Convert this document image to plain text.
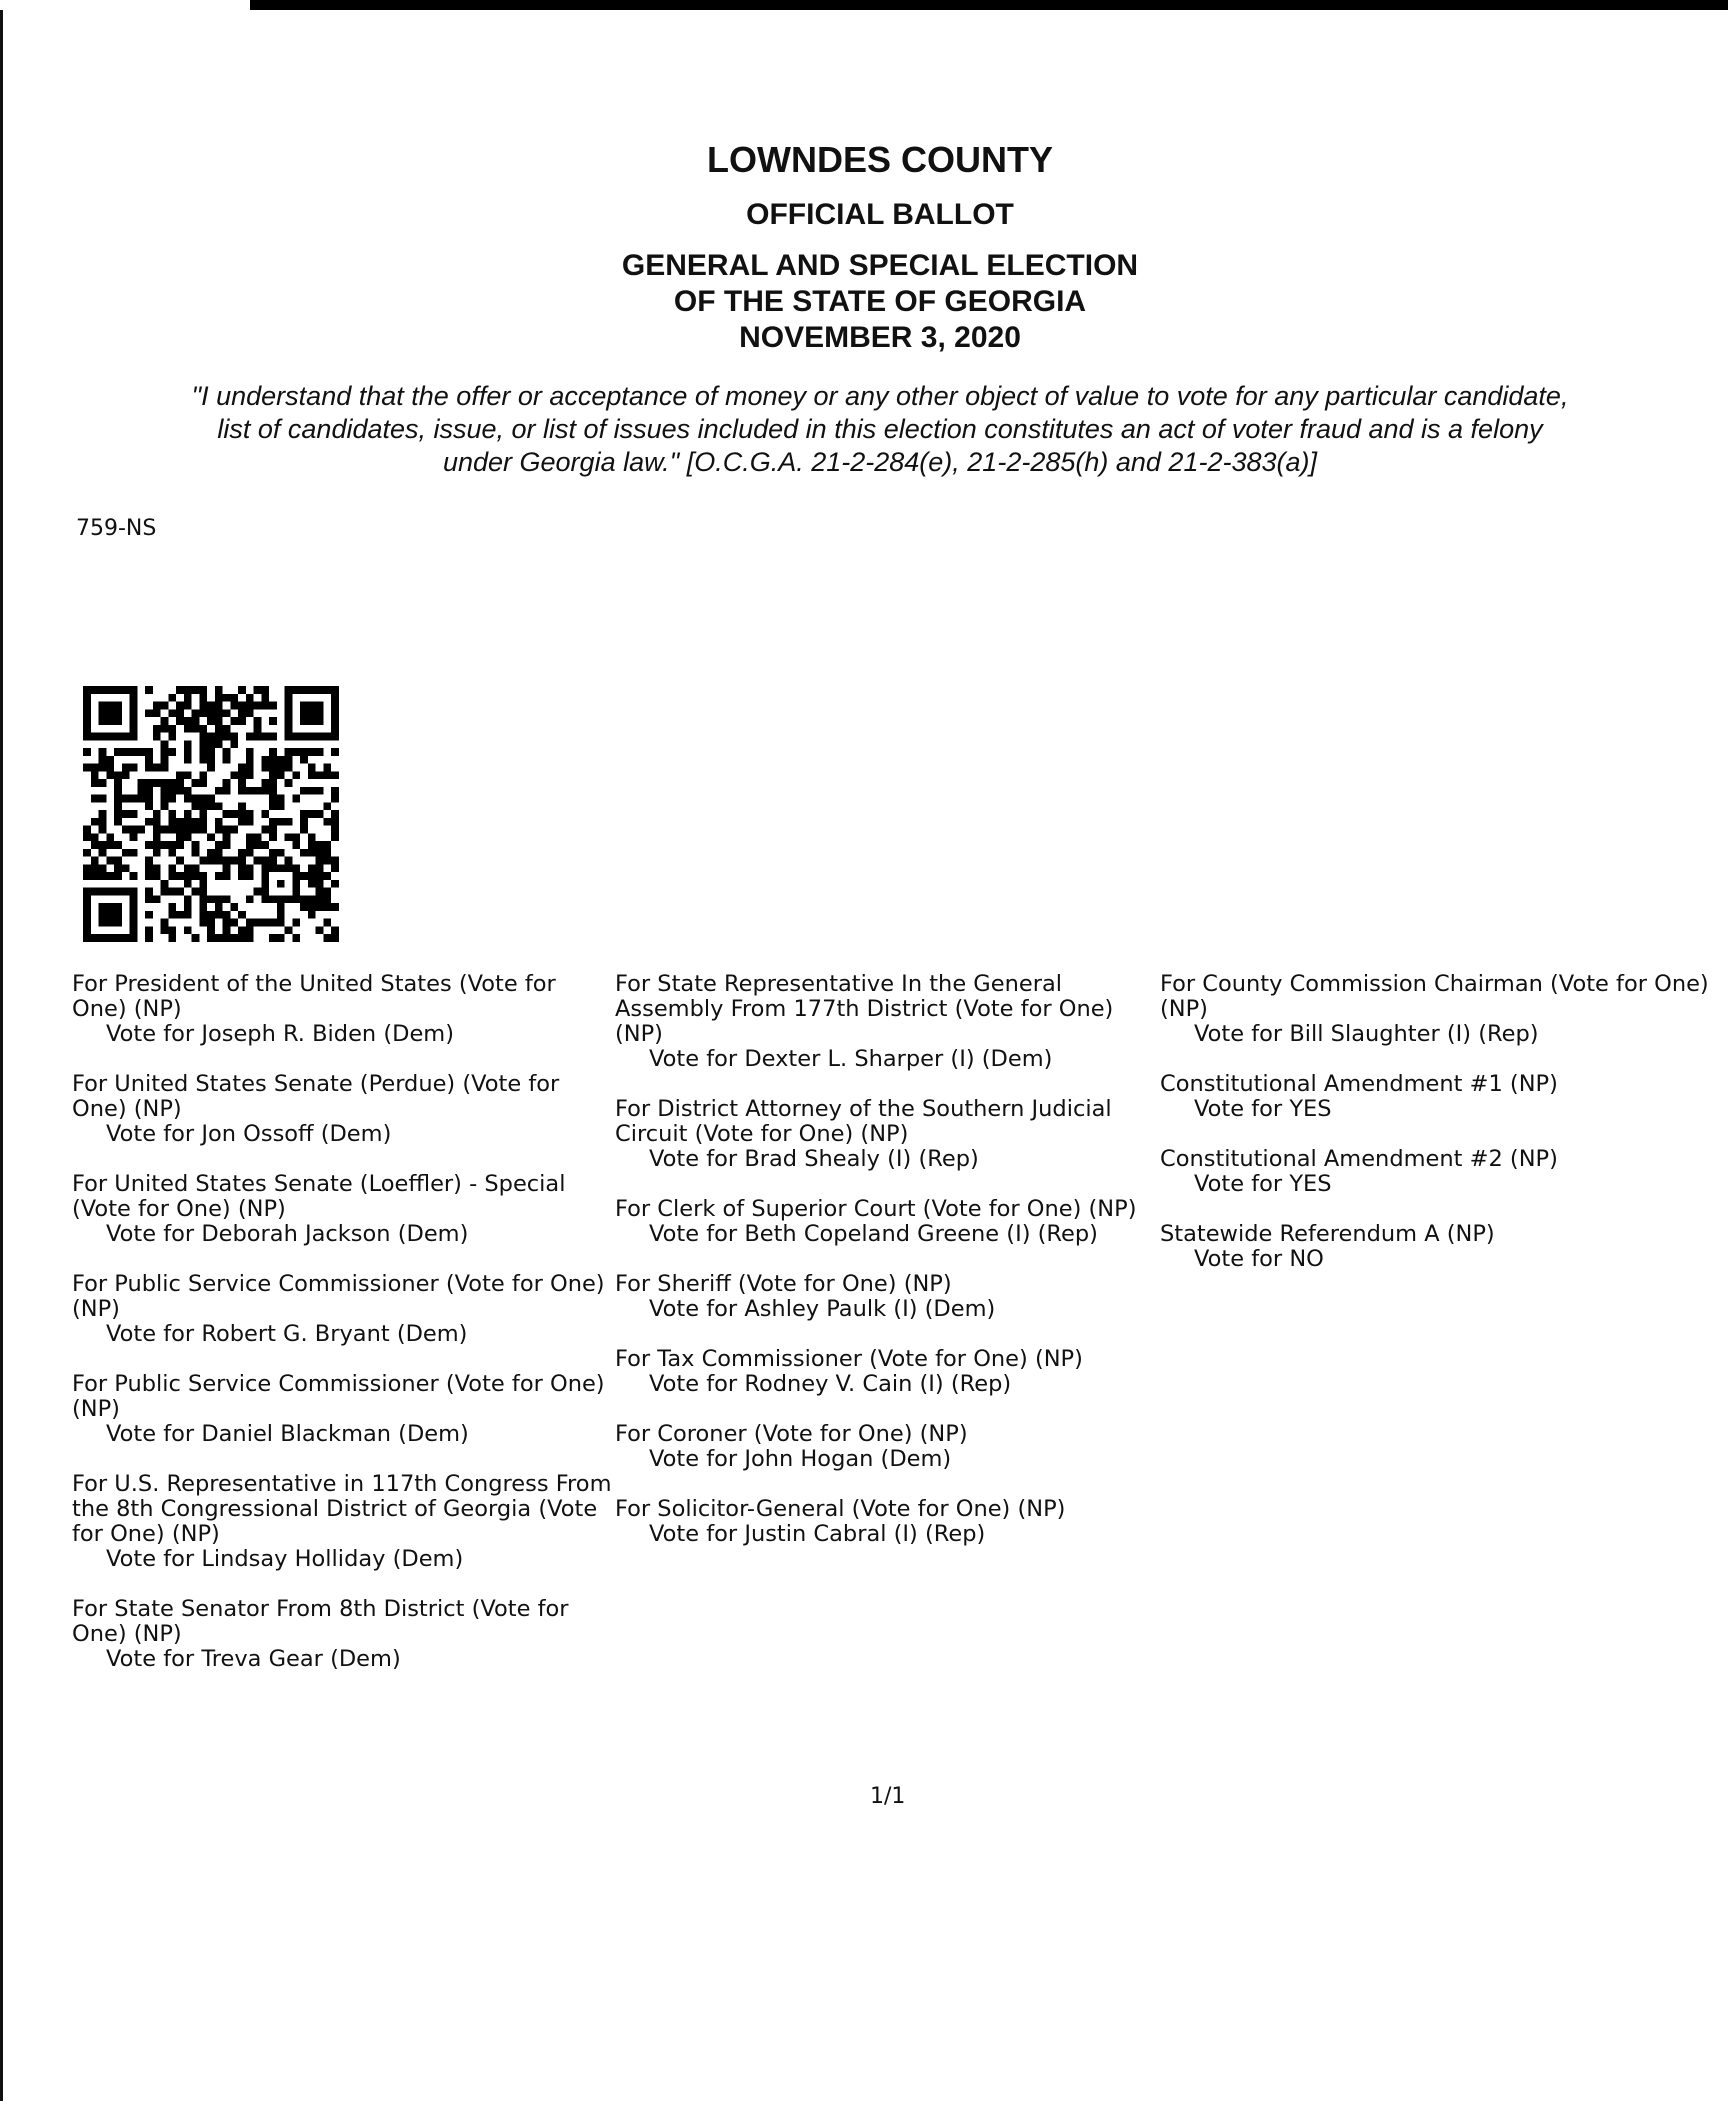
LOWNDES COUNTY
OFFICIAL BALLOT
GENERAL AND SPECIAL ELECTION
OF THE STATE OF GEORGIA
NOVEMBER 3, 2020
"I understand that the offer or acceptance of money or any other object of value to vote for any particular candidate,
list of candidates, issue, or list of issues included in this election constitutes an act of voter fraud and is a felony
under Georgia law." [O.C.G.A. 21-2-284(e), 21-2-285(h) and 21-2-383(a)]
759-NS
For President of the United States (Vote for One) (NP)
Vote for Joseph R. Biden (Dem)
For United States Senate (Perdue) (Vote for One) (NP)
Vote for Jon Ossoff (Dem)
For United States Senate (Loeffler) - Special (Vote for One) (NP)
Vote for Deborah Jackson (Dem)
For Public Service Commissioner (Vote for One) (NP)
Vote for Robert G. Bryant (Dem)
For Public Service Commissioner (Vote for One) (NP)
Vote for Daniel Blackman (Dem)
For U.S. Representative in 117th Congress From the 8th Congressional District of Georgia (Vote for One) (NP)
Vote for Lindsay Holliday (Dem)
For State Senator From 8th District (Vote for One) (NP)
Vote for Treva Gear (Dem)
For State Representative In the General Assembly From 177th District (Vote for One) (NP)
Vote for Dexter L. Sharper (I) (Dem)
For District Attorney of the Southern Judicial Circuit (Vote for One) (NP)
Vote for Brad Shealy (I) (Rep)
For Clerk of Superior Court (Vote for One) (NP)
Vote for Beth Copeland Greene (I) (Rep)
For Sheriff (Vote for One) (NP)
Vote for Ashley Paulk (I) (Dem)
For Tax Commissioner (Vote for One) (NP)
Vote for Rodney V. Cain (I) (Rep)
For Coroner (Vote for One) (NP)
Vote for John Hogan (Dem)
For Solicitor-General (Vote for One) (NP)
Vote for Justin Cabral (I) (Rep)
For County Commission Chairman (Vote for One) (NP)
Vote for Bill Slaughter (I) (Rep)
Constitutional Amendment #1 (NP)
Vote for YES
Constitutional Amendment #2 (NP)
Vote for YES
Statewide Referendum A (NP)
Vote for NO
1/1
